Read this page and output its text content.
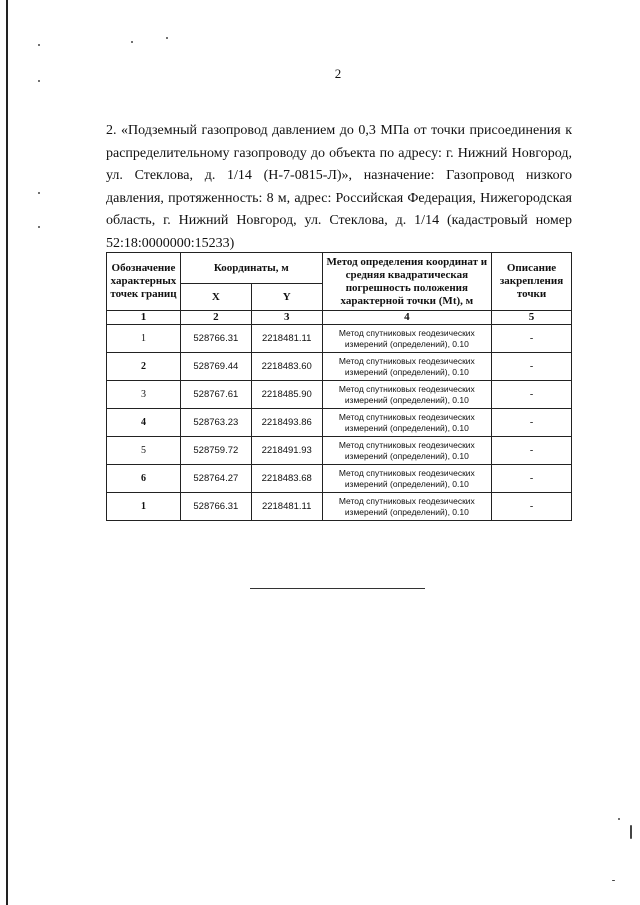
2
2. «Подземный газопровод давлением до 0,3 МПа от точки присоединения к
распределительному газопроводу до объекта по адресу: г. Нижний Новгород,
ул. Стеклова, д. 1/14 (Н-7-0815-Л)», назначение: Газопровод низкого
давления, протяженность: 8 м, адрес: Российская Федерация, Нижегородская
область, г. Нижний Новгород, ул. Стеклова, д. 1/14 (кадастровый номер
52:18:0000000:15233)
Обозначение характерных точек границ	Координаты, м		Метод определения координат и средняя квадратическая погрешность положения характерной точки (Mt), м	Описание закрепления точки
	X	Y		
1	2	3	4	5
1	528766.31	2218481.11	Метод спутниковых геодезических измерений (определений), 0.10	-
2	528769.44	2218483.60	Метод спутниковых геодезических измерений (определений), 0.10	-
3	528767.61	2218485.90	Метод спутниковых геодезических измерений (определений), 0.10	-
4	528763.23	2218493.86	Метод спутниковых геодезических измерений (определений), 0.10	-
5	528759.72	2218491.93	Метод спутниковых геодезических измерений (определений), 0.10	-
6	528764.27	2218483.68	Метод спутниковых геодезических измерений (определений), 0.10	-
1	528766.31	2218481.11	Метод спутниковых геодезических измерений (определений), 0.10	-
